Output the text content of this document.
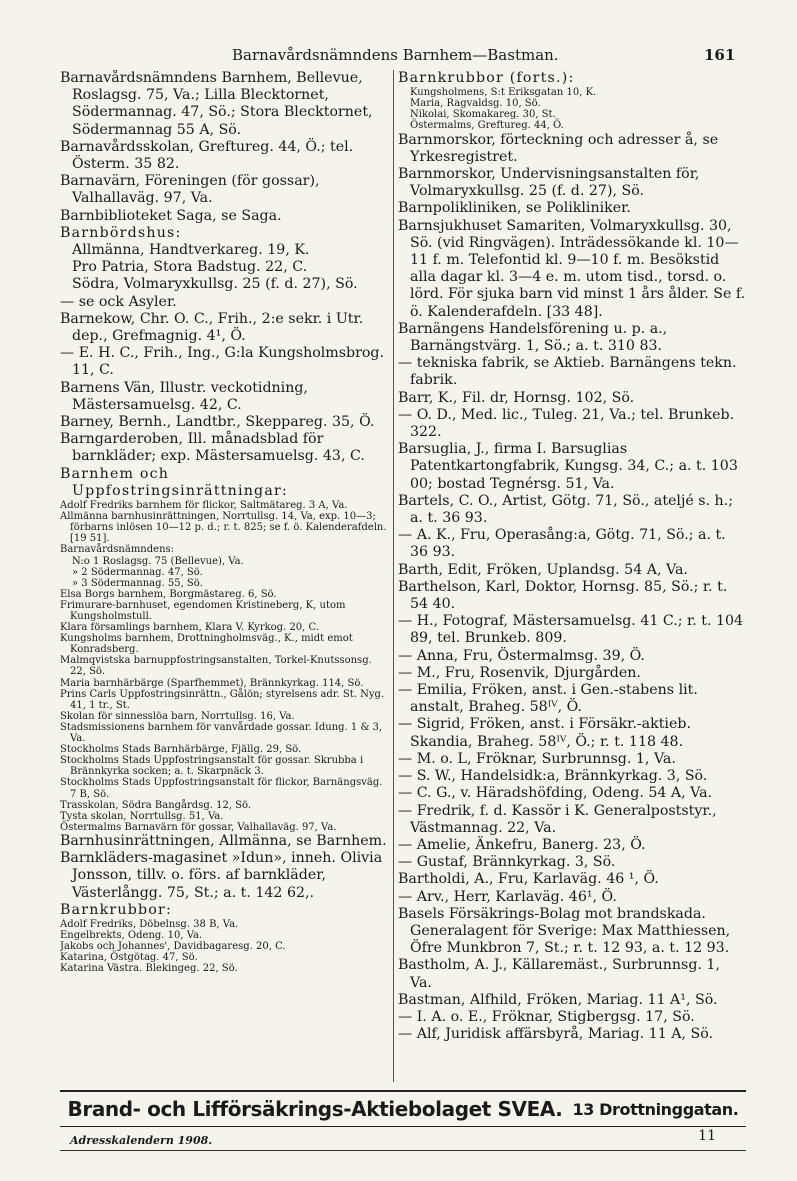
Barnavårdsnämndens Barnhem—Bastman.	161

Barnavårdsnämndens Barnhem, Bellevue, Roslagsg. 75, Va.; Lilla Blecktornet, Södermannag. 47, Sö.; Stora Blecktornet, Södermannag 55 A, Sö.

Barnavårdsskolan, Greftureg. 44, Ö.; tel. Österm. 35 82.

Barnavärn, Föreningen (för gossar), Valhallaväg. 97, Va.

Barnbiblioteket Saga, se Saga.

Barnbördshus:

Allmänna, Handtverkareg. 19, K.

Pro Patria, Stora Badstug. 22, C.

Södra, Volmaryxkullsg. 25 (f. d. 27), Sö.

— se ock Asyler.

Barnekow, Chr. O. C., Frih., 2:e sekr. i Utr. dep., Grefmagnig. 4¹, Ö.

— E. H. C., Frih., Ing., G:la Kungsholmsbrog. 11, C.

Barnens Vän, Illustr. veckotidning, Mästersamuelsg. 42, C.

Barney, Bernh., Landtbr., Skeppareg. 35, Ö.

Barngarderoben, Ill. månadsblad för barnkläder; exp. Mästersamuelsg. 43, C.

Barnhem och Uppfostringsinrättningar:

Adolf Fredriks barnhem för flickor, Saltmätareg. 3 A, Va.

Allmänna barnhusinrättningen, Norrtullsg. 14, Va, exp. 10—3; förbarns inlösen 10—12 p. d.; r. t. 825; se f. ö. Kalenderafdeln. [19 51].

Barnavårdsnämndens:

N:o 1 Roslagsg. 75 (Bellevue), Va.

» 2 Södermannag. 47, Sö.

» 3 Södermannag. 55, Sö.

Elsa Borgs barnhem, Borgmästareg. 6, Sö.

Frimurare-barnhuset, egendomen Kristineberg, K, utom Kungsholmstull.

Klara församlings barnhem, Klara V. Kyrkog. 20, C.

Kungsholms barnhem, Drottningholmsväg., K., midt emot Konradsberg.

Malmqvistska barnuppfostringsanstalten, Torkel-Knutssonsg. 22, Sö.

Maria barnhärbärge (Sparfhemmet), Brännkyrkag. 114, Sö.

Prins Carls Uppfostringsinrättn., Gålön; styrelsens adr. St. Nyg. 41, 1 tr., St.

Skolan för sinnesslöa barn, Norrtullsg. 16, Va.

Stadsmissionens barnhem för vanvårdade gossar. Idung. 1 & 3, Va.

Stockholms Stads Barnhärbärge, Fjällg. 29, Sö.

Stockholms Stads Uppfostringsanstalt för gossar. Skrubba i Brännkyrka socken; a. t. Skarpnäck 3.

Stockholms Stads Uppfostringsanstalt för flickor, Barnängsväg. 7 B, Sö.

Trasskolan, Södra Bangårdsg. 12, Sö.

Tysta skolan, Norrtullsg. 51, Va.

Östermalms Barnavärn för gossar, Valhallaväg. 97, Va.

Barnhusinrättningen, Allmänna, se Barnhem.

Barnkläders-magasinet »Idun», inneh. Olivia Jonsson, tillv. o. förs. af barnkläder, Västerlångg. 75, St.; a. t. 142 62,.

Barnkrubbor:

Adolf Fredriks, Döbelnsg. 38 B, Va.

Engelbrekts, Odeng. 10, Va.

Jakobs och Johannes', Davidbagaresg. 20, C.

Katarina, Östgötag. 47, Sö.

Katarina Västra. Blekingeg. 22, Sö.

Barnkrubbor (forts.):

Kungsholmens, S:t Eriksgatan 10, K.

Maria, Ragvaldsg. 10, Sö.

Nikolai, Skomakareg. 30, St.

Östermalms, Greftureg. 44, Ö.

Barnmorskor, förteckning och adresser å, se Yrkesregistret.

Barnmorskor, Undervisningsanstalten för, Volmaryxkullsg. 25 (f. d. 27), Sö.

Barnpolikliniken, se Polikliniker.

Barnsjukhuset Samariten, Volmaryxkullsg. 30, Sö. (vid Ringvägen). Inträdessökande kl. 10—11 f. m. Telefontid kl. 9—10 f. m. Besökstid alla dagar kl. 3—4 e. m. utom tisd., torsd. o. lörd. För sjuka barn vid minst 1 års ålder. Se f. ö. Kalenderafdeln. [33 48].

Barnängens Handelsförening u. p. a., Barnängstvärg. 1, Sö.; a. t. 310 83.

— tekniska fabrik, se Aktieb. Barnängens tekn. fabrik.

Barr, K., Fil. dr, Hornsg. 102, Sö.

— O. D., Med. lic., Tuleg. 21, Va.; tel. Brunkeb. 322.

Barsuglia, J., firma I. Barsuglias Patentkartongfabrik, Kungsg. 34, C.; a. t. 103 00; bostad Tegnérsg. 51, Va.

Bartels, C. O., Artist, Götg. 71, Sö., ateljé s. h.; a. t. 36 93.

— A. K., Fru, Operasång:a, Götg. 71, Sö.; a. t. 36 93.

Barth, Edit, Fröken, Uplandsg. 54 A, Va.

Barthelson, Karl, Doktor, Hornsg. 85, Sö.; r. t. 54 40.

— H., Fotograf, Mästersamuelsg. 41 C.; r. t. 104 89, tel. Brunkeb. 809.

— Anna, Fru, Östermalmsg. 39, Ö.

— M., Fru, Rosenvik, Djurgården.

— Emilia, Fröken, anst. i Gen.-stabens lit. anstalt, Braheg. 58ᴵⱽ, Ö.

— Sigrid, Fröken, anst. i Försäkr.-aktieb. Skandia, Braheg. 58ᴵⱽ, Ö.; r. t. 118 48.

— M. o. L, Fröknar, Surbrunnsg. 1, Va.

— S. W., Handelsidk:a, Brännkyrkag. 3, Sö.

— C. G., v. Häradshöfding, Odeng. 54 A, Va.

— Fredrik, f. d. Kassör i K. Generalpoststyr., Västmannag. 22, Va.

— Amelie, Änkefru, Banerg. 23, Ö.

— Gustaf, Brännkyrkag. 3, Sö.

Bartholdi, A., Fru, Karlaväg. 46 ¹, Ö.

— Arv., Herr, Karlaväg. 46¹, Ö.

Basels Försäkrings-Bolag mot brandskada. Generalagent för Sverige: Max Matthiessen, Öfre Munkbron 7, St.; r. t. 12 93, a. t. 12 93.

Bastholm, A. J., Källaremäst., Surbrunnsg. 1, Va.

Bastman, Alfhild, Fröken, Mariag. 11 A¹, Sö.

— I. A. o. E., Fröknar, Stigbergsg. 17, Sö.

— Alf, Juridisk affärsbyrå, Mariag. 11 A, Sö.

Brand- och Lifförsäkrings-Aktiebolaget SVEA. 13 Drottninggatan.
Adresskalendern 1908.	11
